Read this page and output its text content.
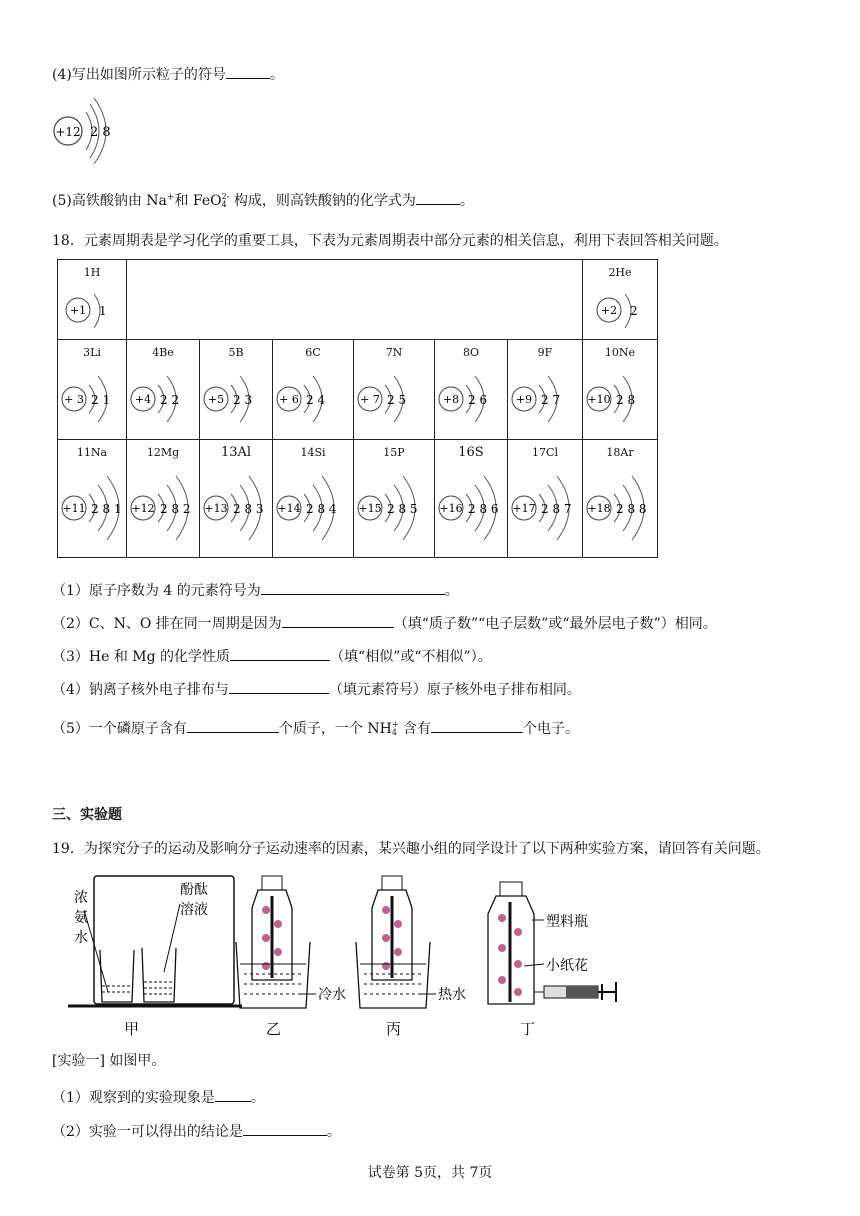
(4)写出如图所示粒子的符号	。
+12 2 8
(5)高铁酸钠由 Na+和 FeO 2-
4 构成，则高铁酸钠的化学式为	。
18．元素周期表是学习化学的重要工具，下表为元素周期表中部分元素的相关信息，利用下表回答相关问题。
1H
+1 1							2He
+2 2

3Li
+ 3 2 1	4Be
+4 2 2	5B
+5 2 3	6C
+ 6 2 4	7N
+ 7 2 5	8O
+8 2 6	9F
+9 2 7	10Ne
+10 2 8

11Na
+11 2 8 1	12Mg
+12 2 8 2	13Al
+13 2 8 3	14Si
+14 2 8 4	15P
+15 2 8 5	16S
+16 2 8 6	17Cl
+17 2 8 7	18Ar
+18 2 8 8
（1）原子序数为 4 的元素符号为	。
（2）C、N、O 排在同一周期是因为	（填“质子数”“电子层数”或“最外层电子数”）相同。
（3）He 和 Mg 的化学性质	（填“相似”或“不相似”）。
（4）钠离子核外电子排布与	（填元素符号）原子核外电子排布相同。
（5）一个磷原子含有	个质子，一个 NH +
4 含有	个电子。
三、实验题
19．为探究分子的运动及影响分子运动速率的因素，某兴趣小组的同学设计了以下两种实验方案，请回答有关问题。
浓
氨
水
酚酞
溶液
甲
冷水
乙
热水
丙
塑料瓶
小纸花
丁
[实验一] 如图甲。
（1）观察到的实验现象是	。
（2）实验一可以得出的结论是	。
试卷第 5页，共 7页
